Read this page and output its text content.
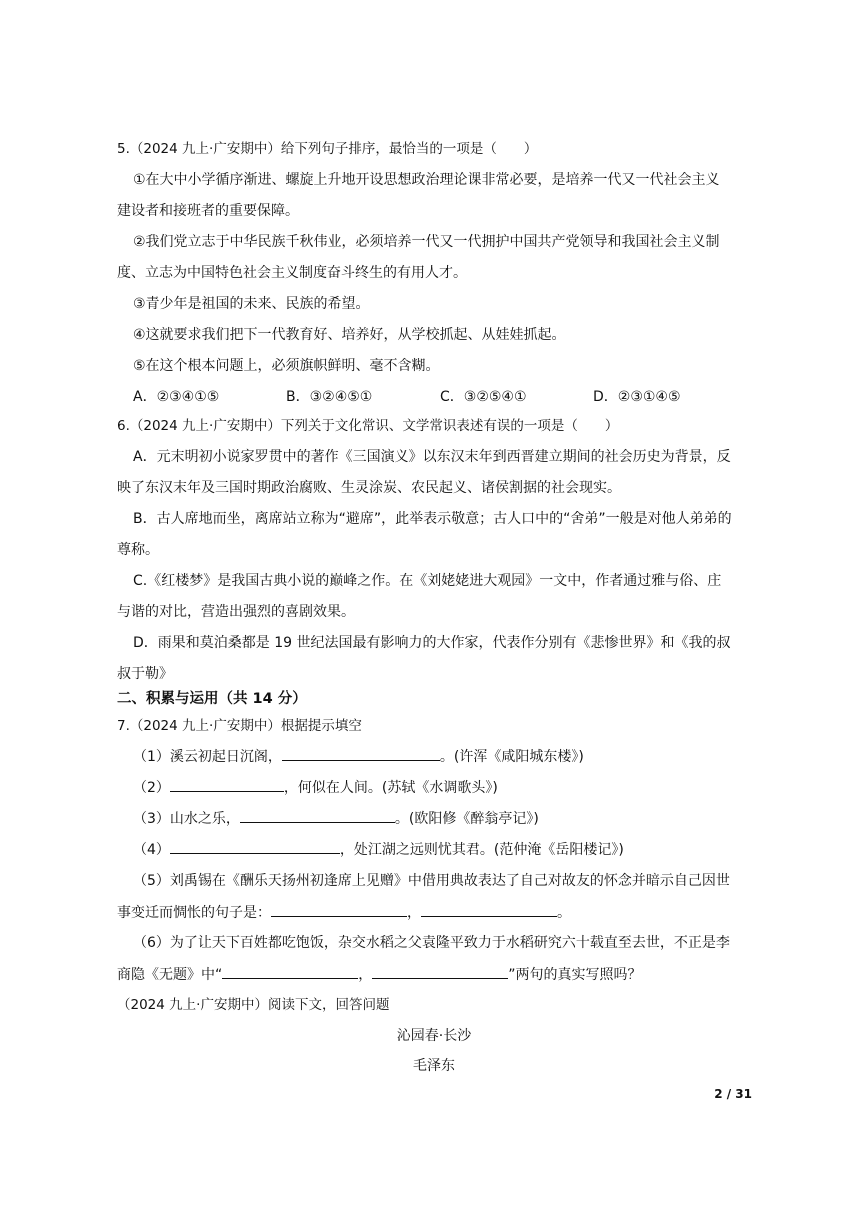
5.（2024 九上·广安期中）给下列句子排序，最恰当的一项是（　　）
①在大中小学循序渐进、螺旋上升地开设思想政治理论课非常必要，是培养一代又一代社会主义
建设者和接班者的重要保障。
②我们党立志于中华民族千秋伟业，必须培养一代又一代拥护中国共产党领导和我国社会主义制
度、立志为中国特色社会主义制度奋斗终生的有用人才。
③青少年是祖国的未来、民族的希望。
④这就要求我们把下一代教育好、培养好，从学校抓起、从娃娃抓起。
⑤在这个根本问题上，必须旗帜鲜明、毫不含糊。
A．②③④①⑤	B．③②④⑤①	C．③②⑤④①	D．②③①④⑤
6.（2024 九上·广安期中）下列关于文化常识、文学常识表述有误的一项是（　　）
A．元末明初小说家罗贯中的著作《三国演义》以东汉末年到西晋建立期间的社会历史为背景，反
映了东汉末年及三国时期政治腐败、生灵涂炭、农民起义、诸侯割据的社会现实。
B．古人席地而坐，离席站立称为“避席”，此举表示敬意；古人口中的“舍弟”一般是对他人弟弟的
尊称。
C.《红楼梦》是我国古典小说的巅峰之作。在《刘姥姥进大观园》一文中，作者通过雅与俗、庄
与谐的对比，营造出强烈的喜剧效果。
D．雨果和莫泊桑都是 19 世纪法国最有影响力的大作家，代表作分别有《悲惨世界》和《我的叔
叔于勒》
二、积累与运用（共 14 分）
7.（2024 九上·广安期中）根据提示填空
（1）溪云初起日沉阁，	。(许浑《咸阳城东楼》)
（2）	，何似在人间。(苏轼《水调歌头》)
（3）山水之乐，	。(欧阳修《醉翁亭记》)
（4）	，处江湖之远则忧其君。(范仲淹《岳阳楼记》)
（5）刘禹锡在《酬乐天扬州初逢席上见赠》中借用典故表达了自己对故友的怀念并暗示自己因世
事变迁而惆怅的句子是：	，	。
（6）为了让天下百姓都吃饱饭，杂交水稻之父袁隆平致力于水稻研究六十载直至去世，不正是李
商隐《无题》中“	，	”两句的真实写照吗？
（2024 九上·广安期中）阅读下文，回答问题
沁园春·长沙
毛泽东
2 / 31
